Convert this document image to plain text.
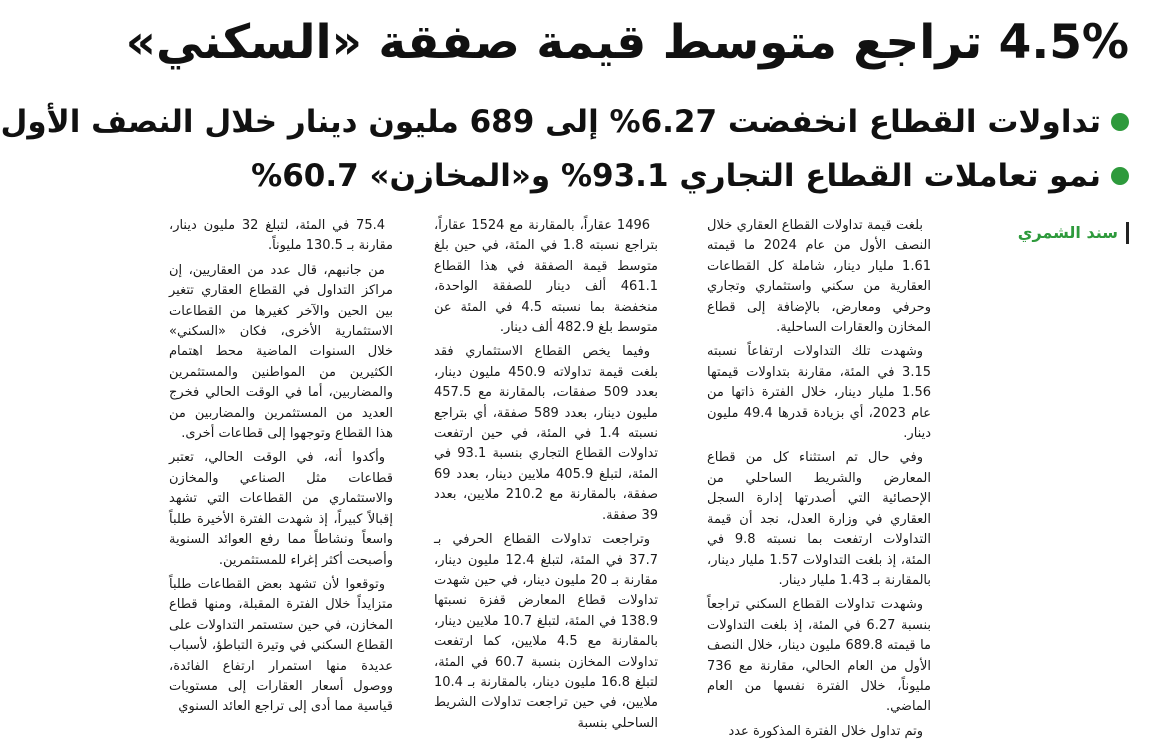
4.5% تراجع متوسط قيمة صفقة «السكني»
تداولات القطاع انخفضت 6.27% إلى 689 مليون دينار خلال النصف الأول
نمو تعاملات القطاع التجاري 93.1% و«المخازن» 60.7%
سند الشمري

بلغت قيمة تداولات القطاع العقاري خلال النصف الأول من عام 2024 ما قيمته 1.61 مليار دينار، شاملة كل القطاعات العقارية من سكني واستثماري وتجاري وحرفي ومعارض، بالإضافة إلى قطاع المخازن والعقارات الساحلية.

وشهدت تلك التداولات ارتفاعاً نسبته 3.15 في المئة، مقارنة بتداولات قيمتها 1.56 مليار دينار، خلال الفترة ذاتها من عام 2023، أي بزيادة قدرها 49.4 مليون دينار.

وفي حال تم استثناء كل من قطاع المعارض والشريط الساحلي من الإحصائية التي أصدرتها إدارة السجل العقاري في وزارة العدل، نجد أن قيمة التداولات ارتفعت بما نسبته 9.8 في المئة، إذ بلغت التداولات 1.57 مليار دينار، بالمقارنة بـ 1.43 مليار دينار.

وشهدت تداولات القطاع السكني تراجعاً بنسبة 6.27 في المئة، إذ بلغت التداولات ما قيمته 689.8 مليون دينار، خلال النصف الأول من العام الحالي، مقارنة مع 736 مليوناً، خلال الفترة نفسها من العام الماضي.

وتم تداول خلال الفترة المذكورة عدد

1496 عقاراً، بالمقارنة مع 1524 عقاراً، بتراجع نسبته 1.8 في المئة، في حين بلغ متوسط قيمة الصفقة في هذا القطاع 461.1 ألف دينار للصفقة الواحدة، منخفضة بما نسبته 4.5 في المئة عن متوسط بلغ 482.9 ألف دينار.

وفيما يخص القطاع الاستثماري فقد بلغت قيمة تداولاته 450.9 مليون دينار، بعدد 509 صفقات، بالمقارنة مع 457.5 مليون دينار، بعدد 589 صفقة، أي بتراجع نسبته 1.4 في المئة، في حين ارتفعت تداولات القطاع التجاري بنسبة 93.1 في المئة، لتبلغ 405.9 ملايين دينار، بعدد 69 صفقة، بالمقارنة مع 210.2 ملايين، بعدد 39 صفقة.

وتراجعت تداولات القطاع الحرفي بـ 37.7 في المئة، لتبلغ 12.4 مليون دينار، مقارنة بـ 20 مليون دينار، في حين شهدت تداولات قطاع المعارض قفزة نسبتها 138.9 في المئة، لتبلغ 10.7 ملايين دينار، بالمقارنة مع 4.5 ملايين، كما ارتفعت تداولات المخازن بنسبة 60.7 في المئة، لتبلغ 16.8 مليون دينار، بالمقارنة بـ 10.4 ملايين، في حين تراجعت تداولات الشريط الساحلي بنسبة

75.4 في المئة، لتبلغ 32 مليون دينار، مقارنة بـ 130.5 مليوناً.

من جانبهم، قال عدد من العقاريين، إن مراكز التداول في القطاع العقاري تتغير بين الحين والآخر كغيرها من القطاعات الاستثمارية الأخرى، فكان «السكني» خلال السنوات الماضية محط اهتمام الكثيرين من المواطنين والمستثمرين والمضاربين، أما في الوقت الحالي فخرج العديد من المستثمرين والمضاربين من هذا القطاع وتوجهوا إلى قطاعات أخرى.

وأكدوا أنه، في الوقت الحالي، تعتبر قطاعات مثل الصناعي والمخازن والاستثماري من القطاعات التي تشهد إقبالاً كبيراً، إذ شهدت الفترة الأخيرة طلباً واسعاً ونشاطاً مما رفع العوائد السنوية وأصبحت أكثر إغراء للمستثمرين.

وتوقعوا لأن تشهد بعض القطاعات طلباً متزايداً خلال الفترة المقبلة، ومنها قطاع المخازن، في حين ستستمر التداولات على القطاع السكني في وتيرة التباطؤ، لأسباب عديدة منها استمرار ارتفاع الفائدة، ووصول أسعار العقارات إلى مستويات قياسية مما أدى إلى تراجع العائد السنوي
